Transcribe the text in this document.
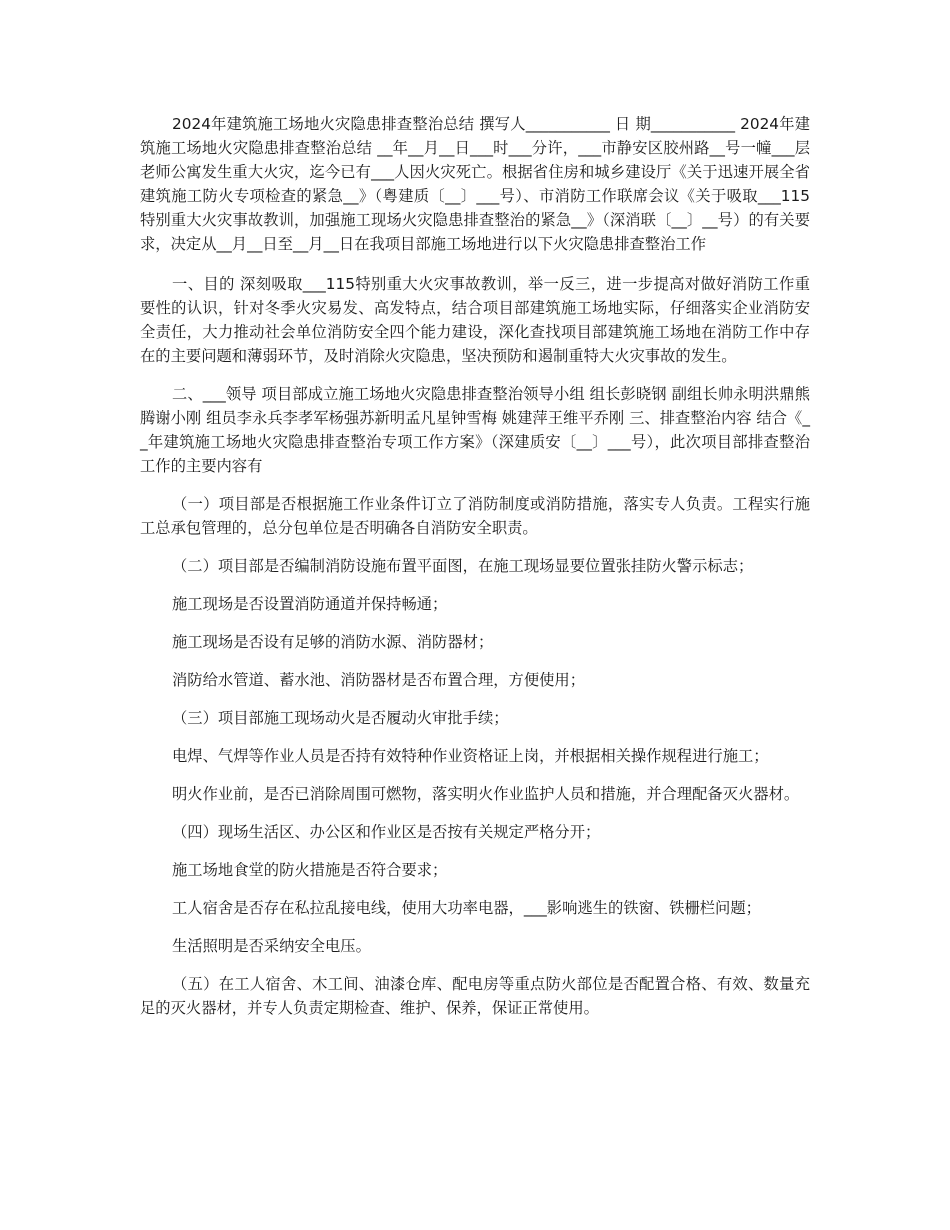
2024年建筑施工场地火灾隐患排查整治总结 撰写人___________ 日 期___________ 2024年建筑施工场地火灾隐患排查整治总结 __年__月__日___时___分许，___市静安区胶州路__号一幢___层老师公寓发生重大火灾，迄今已有___人因火灾死亡。根据省住房和城乡建设厅《关于迅速开展全省建筑施工防火专项检查的紧急__》（粤建质〔__〕___号）、市消防工作联席会议《关于吸取___115特别重大火灾事故教训，加强施工现场火灾隐患排查整治的紧急__》（深消联〔__〕__号）的有关要求，决定从__月__日至__月__日在我项目部施工场地进行以下火灾隐患排查整治工作

一、目的 深刻吸取___115特别重大火灾事故教训，举一反三，进一步提高对做好消防工作重要性的认识，针对冬季火灾易发、高发特点，结合项目部建筑施工场地实际，仔细落实企业消防安全责任，大力推动社会单位消防安全四个能力建设，深化查找项目部建筑施工场地在消防工作中存在的主要问题和薄弱环节，及时消除火灾隐患，坚决预防和遏制重特大火灾事故的发生。

二、___领导 项目部成立施工场地火灾隐患排查整治领导小组 组长彭晓钢 副组长帅永明洪鼎熊腾谢小刚 组员李永兵李孝军杨强苏新明孟凡星钟雪梅 姚建萍王维平乔刚 三、排查整治内容 结合《__年建筑施工场地火灾隐患排查整治专项工作方案》（深建质安〔__〕___号），此次项目部排查整治工作的主要内容有

（一）项目部是否根据施工作业条件订立了消防制度或消防措施，落实专人负责。工程实行施工总承包管理的，总分包单位是否明确各自消防安全职责。

（二）项目部是否编制消防设施布置平面图，在施工现场显要位置张挂防火警示标志；

施工现场是否设置消防通道并保持畅通；

施工现场是否设有足够的消防水源、消防器材；

消防给水管道、蓄水池、消防器材是否布置合理，方便使用；

（三）项目部施工现场动火是否履动火审批手续；

电焊、气焊等作业人员是否持有效特种作业资格证上岗，并根据相关操作规程进行施工；

明火作业前，是否已消除周围可燃物，落实明火作业监护人员和措施，并合理配备灭火器材。

（四）现场生活区、办公区和作业区是否按有关规定严格分开；

施工场地食堂的防火措施是否符合要求；

工人宿舍是否存在私拉乱接电线，使用大功率电器，___影响逃生的铁窗、铁栅栏问题；

生活照明是否采纳安全电压。

（五）在工人宿舍、木工间、油漆仓库、配电房等重点防火部位是否配置合格、有效、数量充足的灭火器材，并专人负责定期检查、维护、保养，保证正常使用。
